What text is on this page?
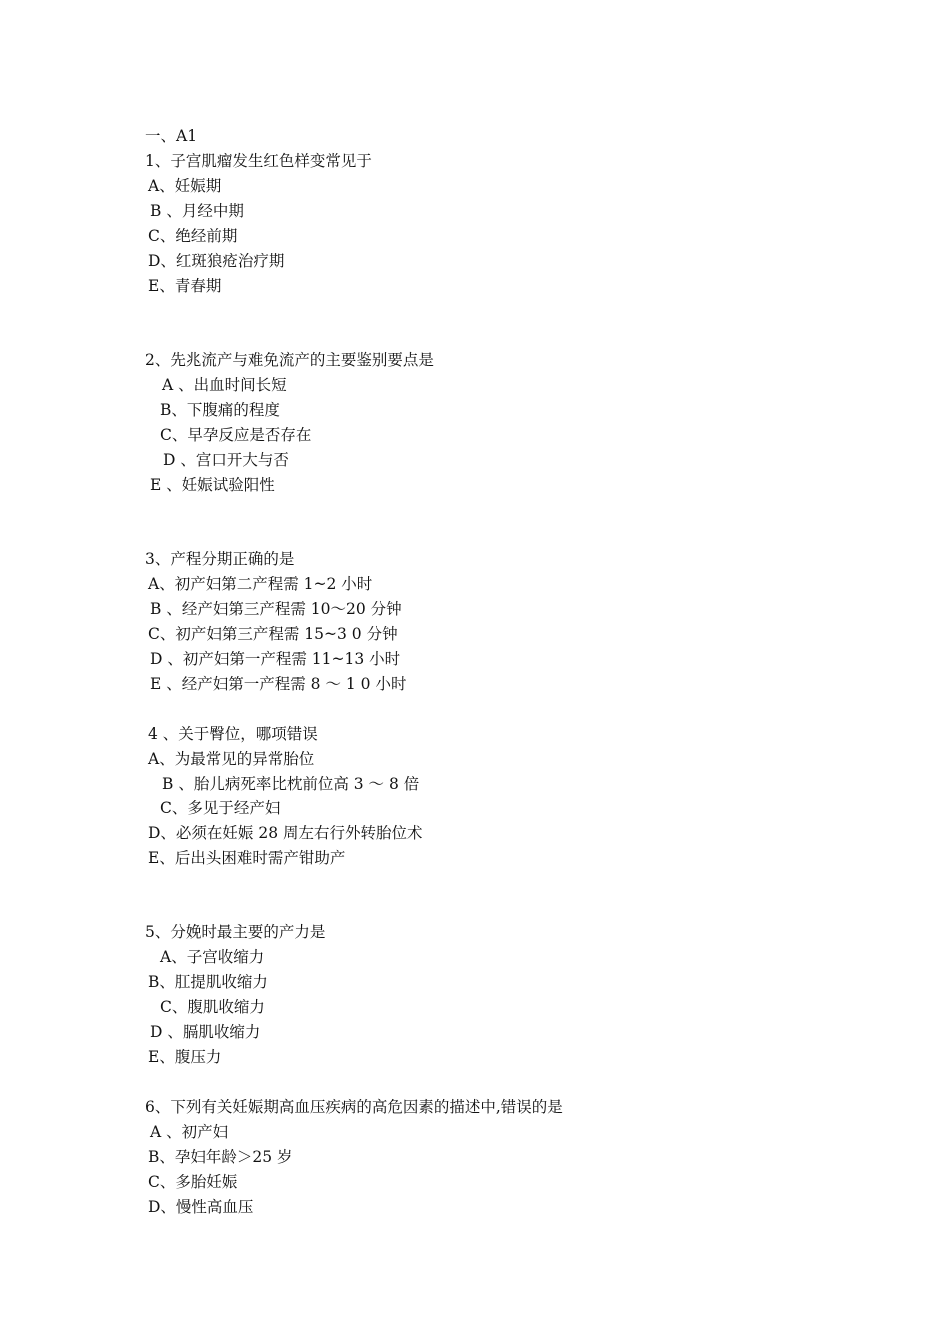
一、A1
1、子宫肌瘤发生红色样变常见于
A、妊娠期
B 、月经中期
C、绝经前期
D、红斑狼疮治疗期
E、青春期
2、先兆流产与难免流产的主要鉴别要点是
A 、出血时间长短
B、下腹痛的程度
C、早孕反应是否存在
D 、宫口开大与否
E 、妊娠试验阳性
3、产程分期正确的是
A、初产妇第二产程需 1~2 小时
B 、经产妇第三产程需 10～20 分钟
C、初产妇第三产程需 15~3 0 分钟
D 、初产妇第一产程需 11~13 小时
E 、经产妇第一产程需 8 ～ 1 0 小时
4 、关于臀位，哪项错误
A、为最常见的异常胎位
B 、胎儿病死率比枕前位高 3 ～ 8 倍
C、多见于经产妇
D、必须在妊娠 28 周左右行外转胎位术
E、后出头困难时需产钳助产
5、分娩时最主要的产力是
A、子宫收缩力
B、肛提肌收缩力
C、腹肌收缩力
D 、膈肌收缩力
E、腹压力
6、下列有关妊娠期高血压疾病的高危因素的描述中,错误的是
A 、初产妇
B、孕妇年龄＞25 岁
C、多胎妊娠
D、慢性高血压
